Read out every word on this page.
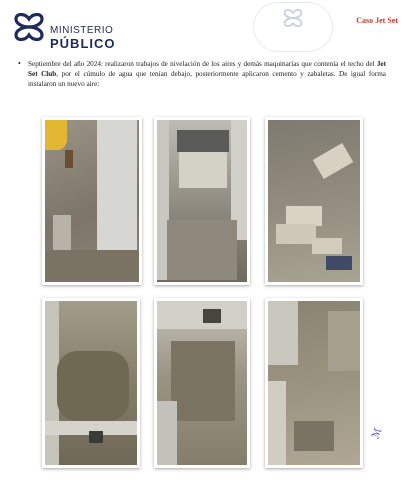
MINISTERIO
PÚBLICO
Caso Jet Set
• Septiembre del año 2024: realizaron trabajos de nivelación de los aires y demás maquinarias que contenía el techo del Jet Set Club, por el cúmulo de agua que tenían debajo, posteriormente aplicaron cemento y zabaletas. De igual forma instalaron un nuevo aire:
ℳ
